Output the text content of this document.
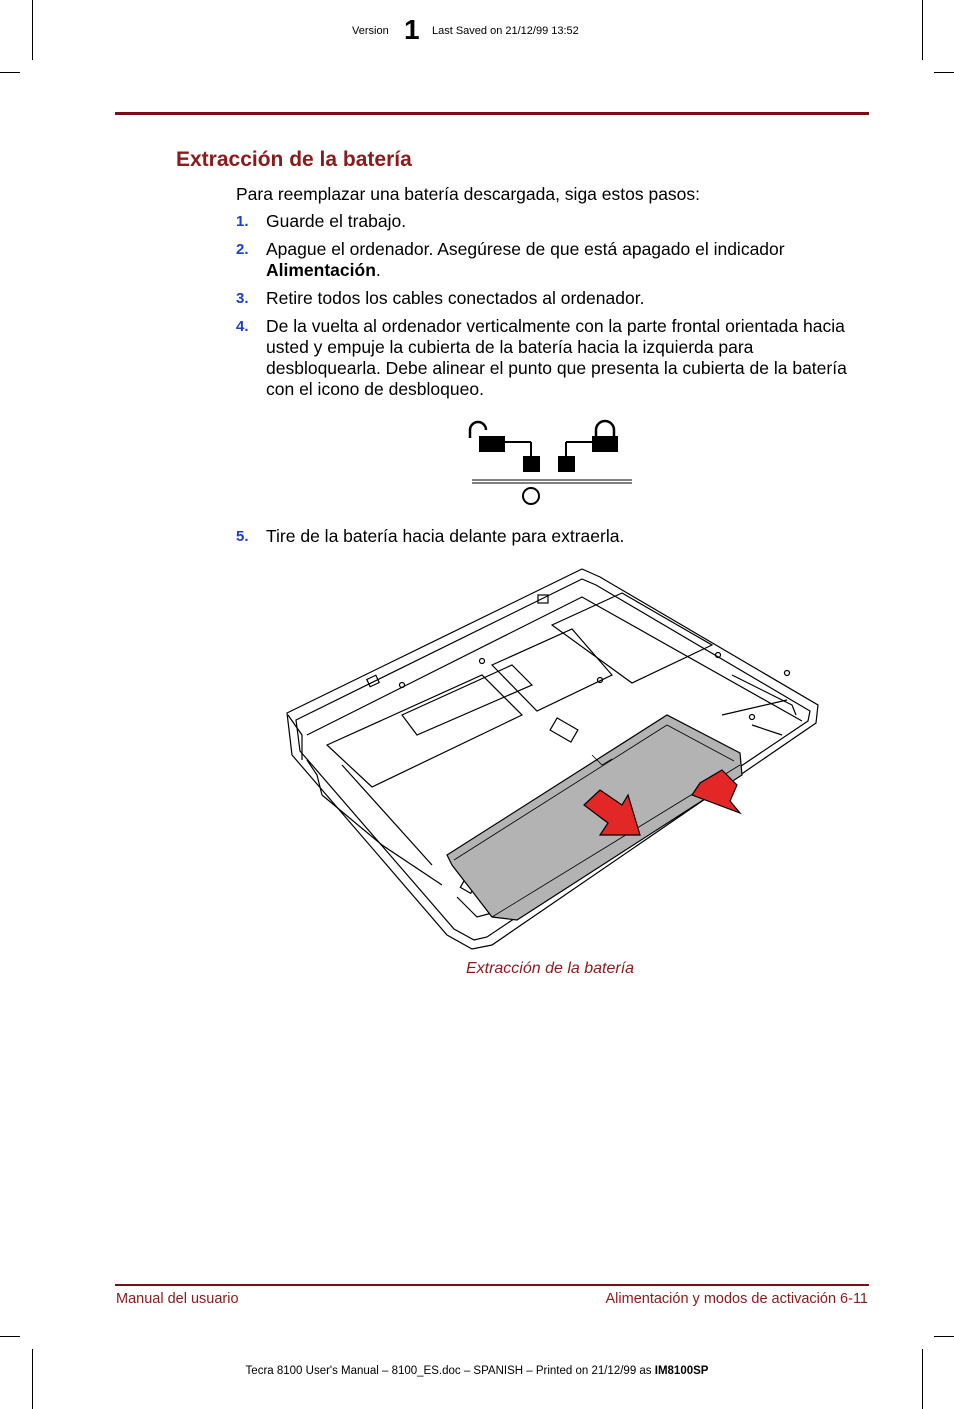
Version 1 Last Saved on 21/12/99 13:52
Extracción de la batería

Para reemplazar una batería descargada, siga estos pasos:

1. Guarde el trabajo.
2. Apague el ordenador. Asegúrese de que está apagado el indicador Alimentación.
3. Retire todos los cables conectados al ordenador.
4. De la vuelta al ordenador verticalmente con la parte frontal orientada hacia usted y empuje la cubierta de la batería hacia la izquierda para desbloquearla. Debe alinear el punto que presenta la cubierta de la batería con el icono de desbloqueo.
5. Tire de la batería hacia delante para extraerla.
Extracción de la batería
Manual del usuario	Alimentación y modos de activación 6-11
Tecra 8100 User's Manual – 8100_ES.doc – SPANISH – Printed on 21/12/99 as IM8100SP
